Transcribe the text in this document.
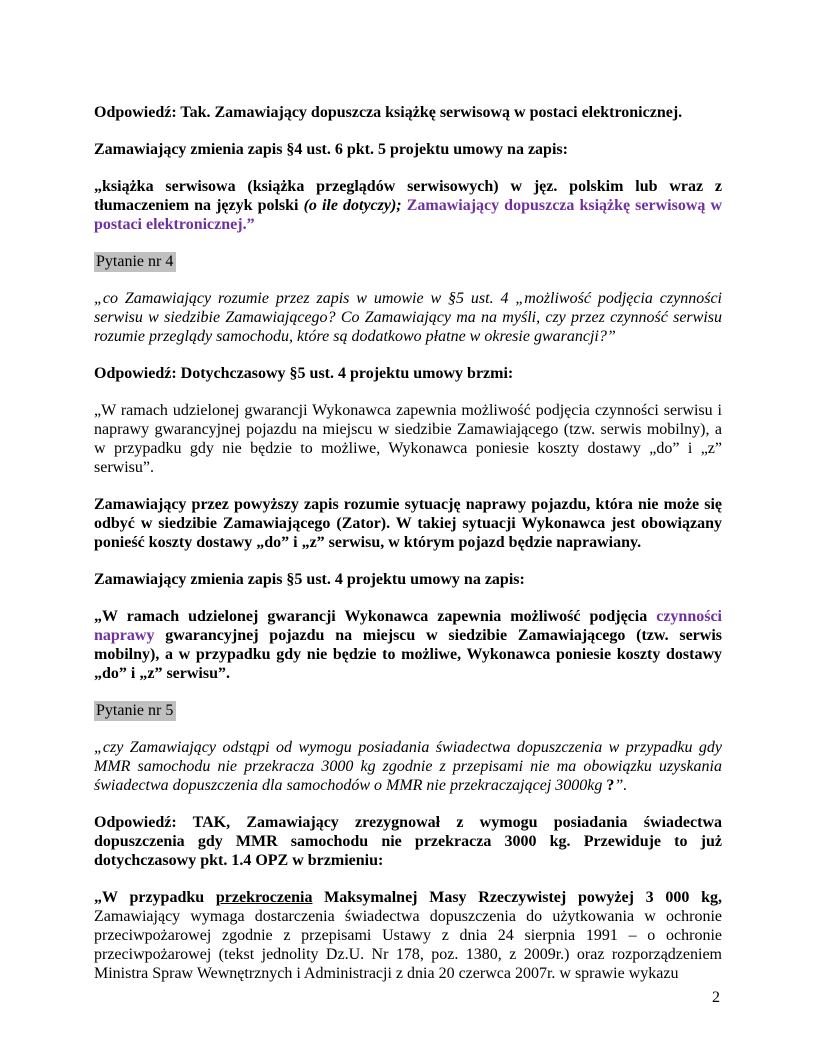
Odpowiedź: Tak. Zamawiający dopuszcza książkę serwisową w postaci elektronicznej.

Zamawiający zmienia zapis §4 ust. 6 pkt. 5 projektu umowy na zapis:

„książka serwisowa (książka przeglądów serwisowych) w jęz. polskim lub wraz z tłumaczeniem na język polski (o ile dotyczy); Zamawiający dopuszcza książkę serwisową w postaci elektronicznej.”

Pytanie nr 4

„co Zamawiający rozumie przez zapis w umowie w §5 ust. 4 „możliwość podjęcia czynności serwisu w siedzibie Zamawiającego? Co Zamawiający ma na myśli, czy przez czynność serwisu rozumie przeglądy samochodu, które są dodatkowo płatne w okresie gwarancji?”

Odpowiedź: Dotychczasowy §5 ust. 4 projektu umowy brzmi:

„W ramach udzielonej gwarancji Wykonawca zapewnia możliwość podjęcia czynności serwisu i naprawy gwarancyjnej pojazdu na miejscu w siedzibie Zamawiającego (tzw. serwis mobilny), a w przypadku gdy nie będzie to możliwe, Wykonawca poniesie koszty dostawy „do” i „z” serwisu”.

Zamawiający przez powyższy zapis rozumie sytuację naprawy pojazdu, która nie może się odbyć w siedzibie Zamawiającego (Zator). W takiej sytuacji Wykonawca jest obowiązany ponieść koszty dostawy „do” i „z” serwisu, w którym pojazd będzie naprawiany.

Zamawiający zmienia zapis §5 ust. 4 projektu umowy na zapis:

„W ramach udzielonej gwarancji Wykonawca zapewnia możliwość podjęcia czynności naprawy gwarancyjnej pojazdu na miejscu w siedzibie Zamawiającego (tzw. serwis mobilny), a w przypadku gdy nie będzie to możliwe, Wykonawca poniesie koszty dostawy „do” i „z” serwisu”.

Pytanie nr 5

„czy Zamawiający odstąpi od wymogu posiadania świadectwa dopuszczenia w przypadku gdy MMR samochodu nie przekracza 3000 kg zgodnie z przepisami nie ma obowiązku uzyskania świadectwa dopuszczenia dla samochodów o MMR nie przekraczającej 3000kg ?”.

Odpowiedź: TAK, Zamawiający zrezygnował z wymogu posiadania świadectwa dopuszczenia gdy MMR samochodu nie przekracza 3000 kg. Przewiduje to już dotychczasowy pkt. 1.4 OPZ w brzmieniu:

„W przypadku przekroczenia Maksymalnej Masy Rzeczywistej powyżej 3 000 kg, Zamawiający wymaga dostarczenia świadectwa dopuszczenia do użytkowania w ochronie przeciwpożarowej zgodnie z przepisami Ustawy z dnia 24 sierpnia 1991 – o ochronie przeciwpożarowej (tekst jednolity Dz.U. Nr 178, poz. 1380, z 2009r.) oraz rozporządzeniem Ministra Spraw Wewnętrznych i Administracji z dnia 20 czerwca 2007r. w sprawie wykazu

2
